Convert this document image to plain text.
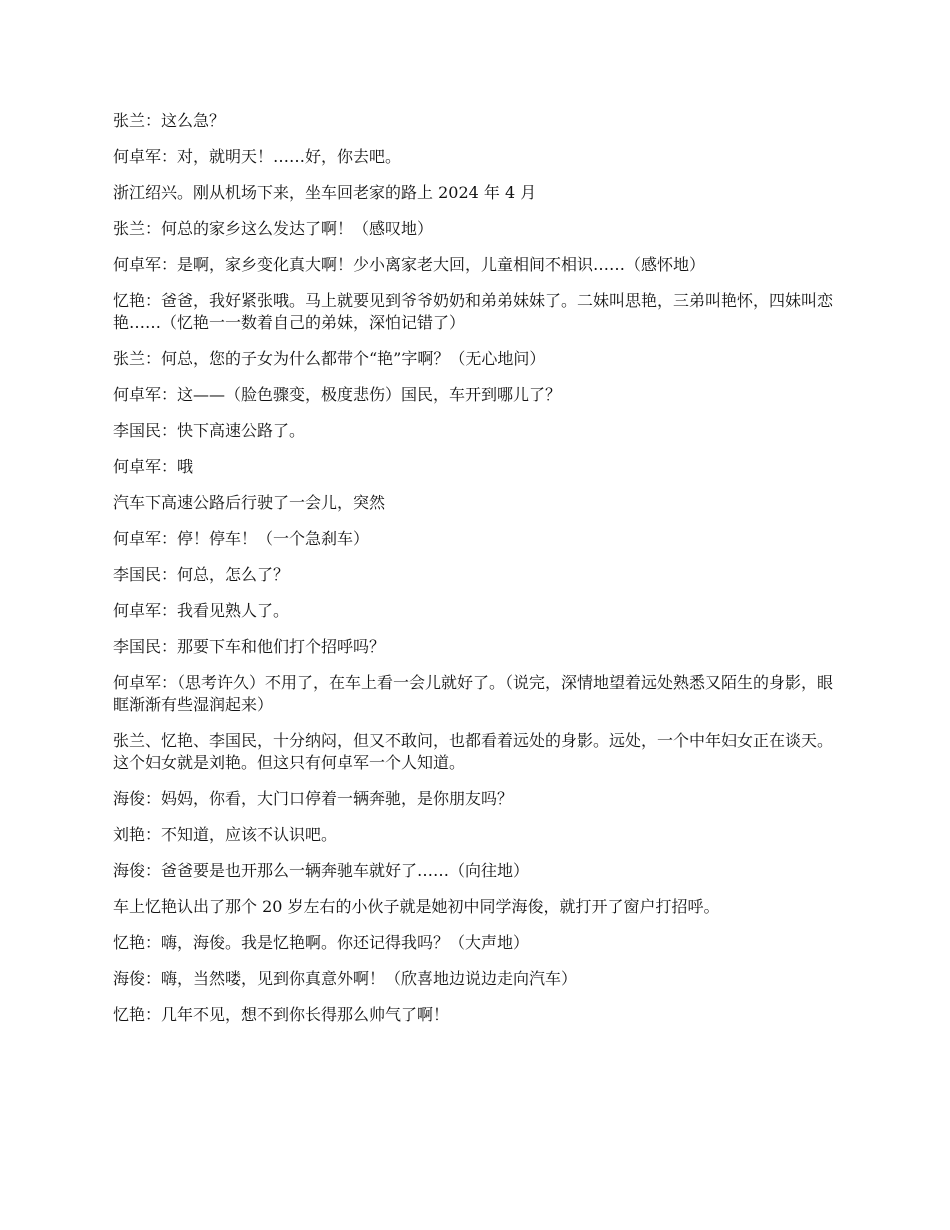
张兰：这么急？

何卓军：对，就明天！……好，你去吧。

浙江绍兴。刚从机场下来，坐车回老家的路上 2024 年 4 月

张兰：何总的家乡这么发达了啊！（感叹地）

何卓军：是啊，家乡变化真大啊！少小离家老大回，儿童相间不相识……（感怀地）

忆艳：爸爸，我好紧张哦。马上就要见到爷爷奶奶和弟弟妹妹了。二妹叫思艳，三弟叫艳怀，四妹叫恋艳……（忆艳一一数着自己的弟妹，深怕记错了）

张兰：何总，您的子女为什么都带个“艳”字啊？（无心地问）

何卓军：这——（脸色骤变，极度悲伤）国民，车开到哪儿了？

李国民：快下高速公路了。

何卓军：哦

汽车下高速公路后行驶了一会儿，突然

何卓军：停！停车！（一个急刹车）

李国民：何总，怎么了？

何卓军：我看见熟人了。

李国民：那要下车和他们打个招呼吗？

何卓军：（思考许久）不用了，在车上看一会儿就好了。（说完，深情地望着远处熟悉又陌生的身影，眼眶渐渐有些湿润起来）

张兰、忆艳、李国民，十分纳闷，但又不敢问，也都看着远处的身影。远处，一个中年妇女正在谈天。这个妇女就是刘艳。但这只有何卓军一个人知道。

海俊：妈妈，你看，大门口停着一辆奔驰，是你朋友吗？

刘艳：不知道，应该不认识吧。

海俊：爸爸要是也开那么一辆奔驰车就好了……（向往地）

车上忆艳认出了那个 20 岁左右的小伙子就是她初中同学海俊，就打开了窗户打招呼。

忆艳：嗨，海俊。我是忆艳啊。你还记得我吗？（大声地）

海俊：嗨，当然喽，见到你真意外啊！（欣喜地边说边走向汽车）

忆艳：几年不见，想不到你长得那么帅气了啊！
